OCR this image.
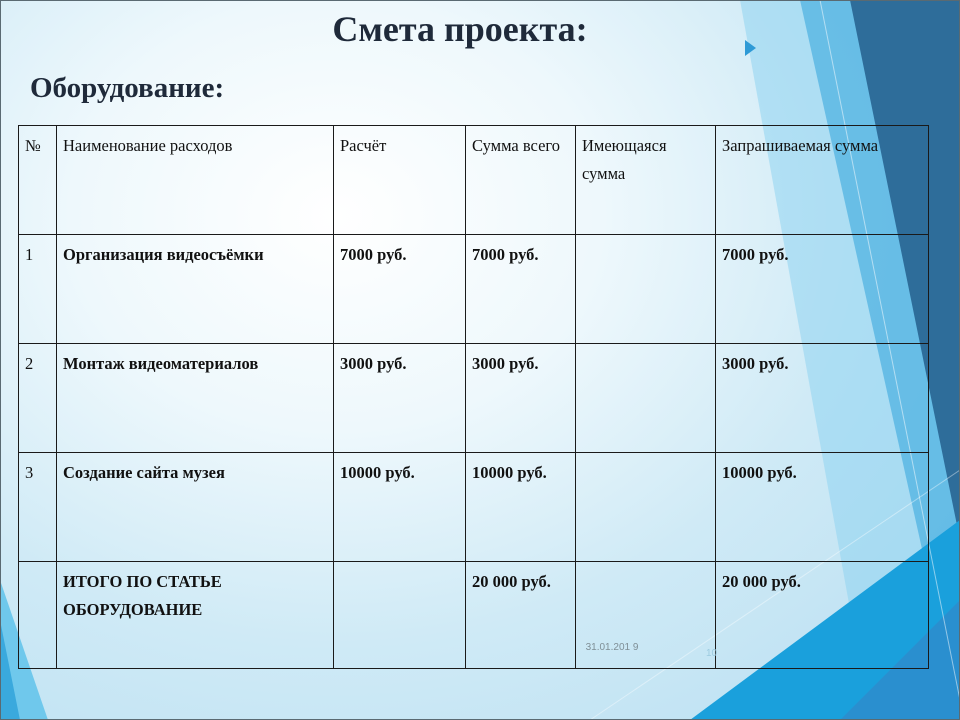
Смета проекта:
Оборудование:
№	Наименование расходов	Расчёт	Сумма всего	Имеющаяся сумма	Запрашиваемая сумма
1	Организация видеосъёмки	7000 руб.	7000 руб.		7000 руб.
2	Монтаж видеоматериалов	3000 руб.	3000 руб.		3000 руб.
3	Создание сайта музея	10000 руб.	10000 руб.		10000 руб.
	ИТОГО ПО СТАТЬЕ ОБОРУДОВАНИЕ		20 000 руб.		20 000 руб.
31.01.201 9
10
